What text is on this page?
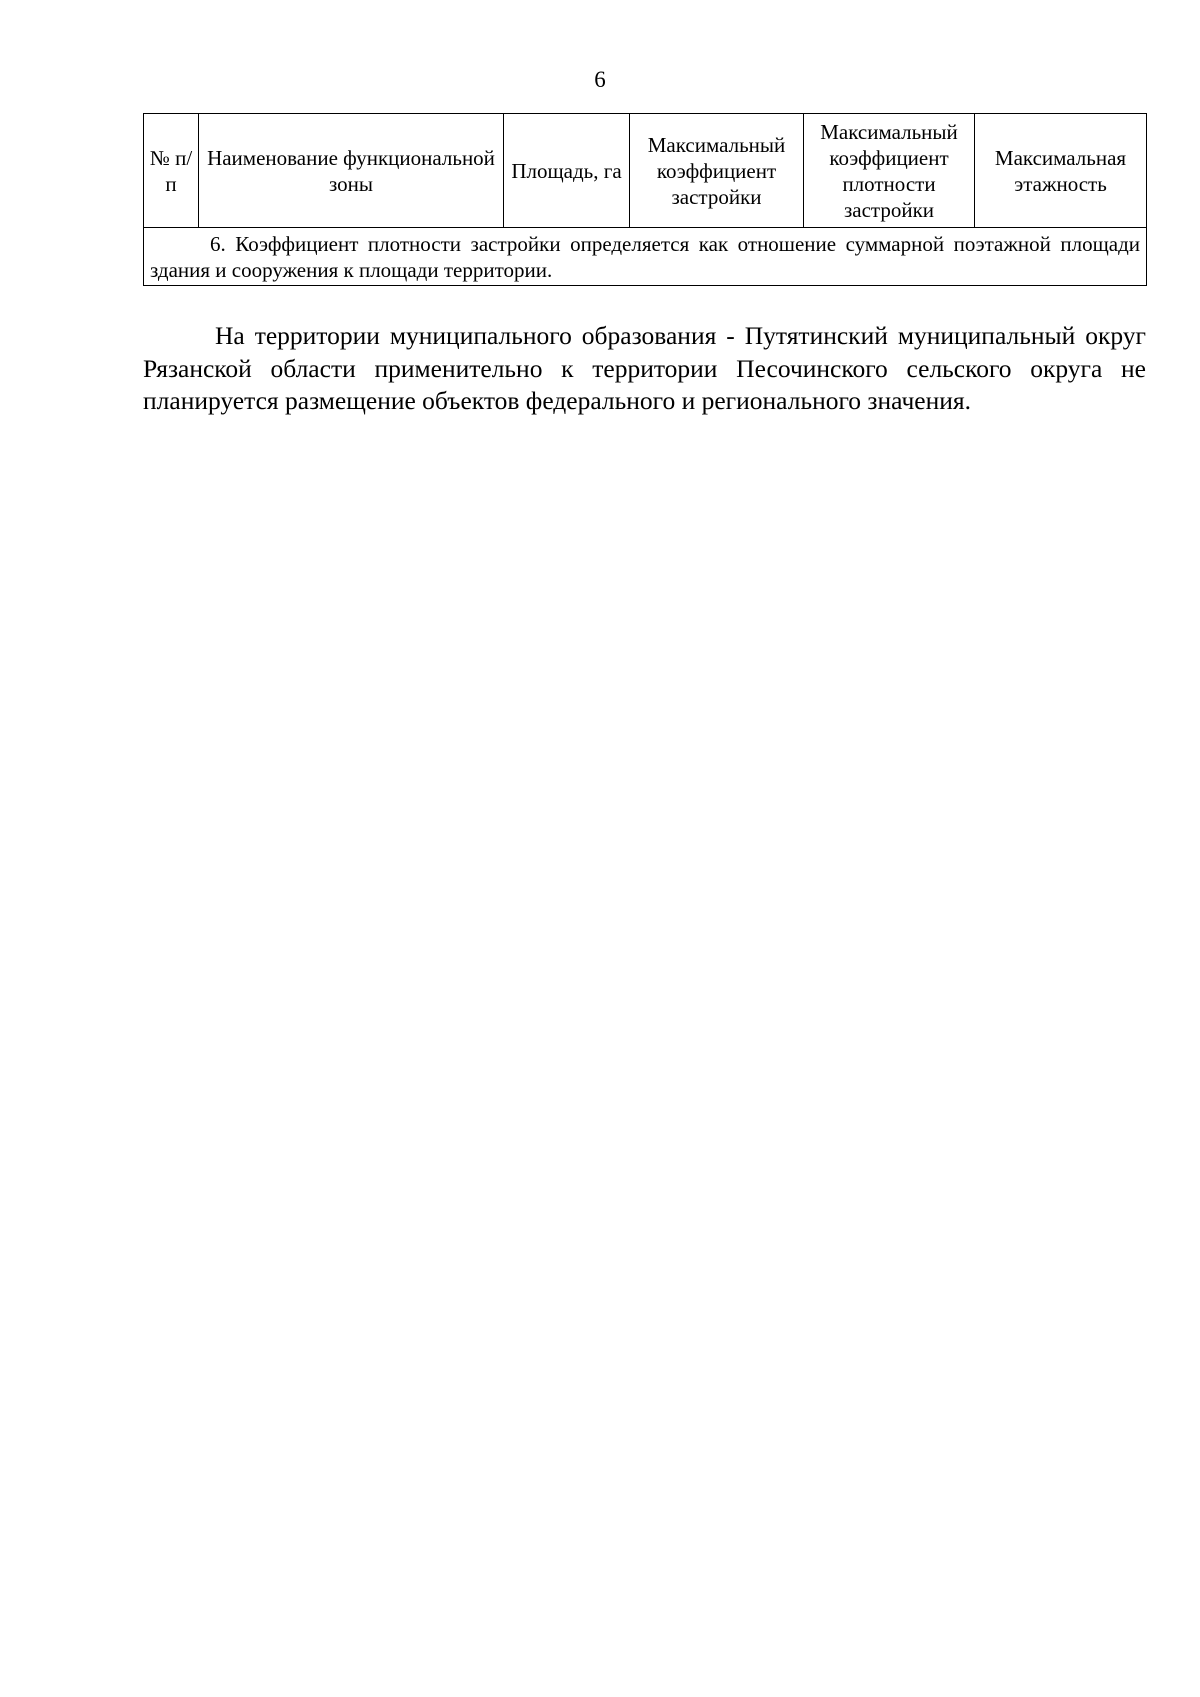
6
№ п/п	Наименование функциональной зоны	Площадь, га	Максимальный коэффициент застройки	Максимальный коэффициент плотности застройки	Максимальная этажность

6. Коэффициент плотности застройки определяется как отношение суммарной поэтажной площади здания и сооружения к площади территории.

На территории муниципального образования - Путятинский муниципальный округ Рязанской области применительно к территории Песочинского сельского округа не планируется размещение объектов федерального и регионального значения.
